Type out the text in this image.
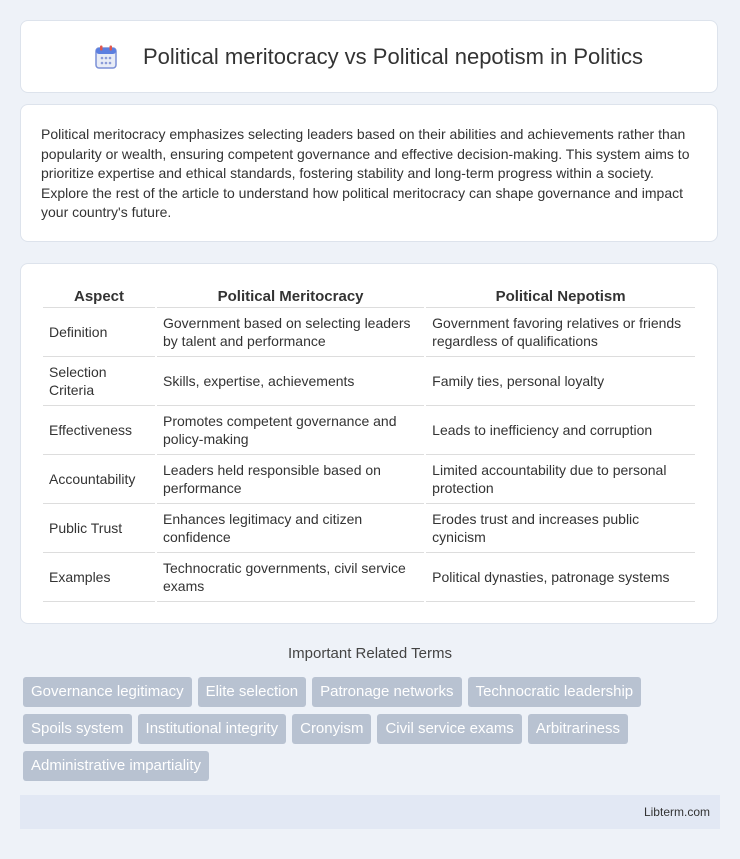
Political meritocracy vs Political nepotism in Politics

Political meritocracy emphasizes selecting leaders based on their abilities and achievements rather than popularity or wealth, ensuring competent governance and effective decision-making. This system aims to prioritize expertise and ethical standards, fostering stability and long-term progress within a society. Explore the rest of the article to understand how political meritocracy can shape governance and impact your country's future.

Aspect	Political Meritocracy	Political Nepotism
Definition	Government based on selecting leaders by talent and performance	Government favoring relatives or friends regardless of qualifications
Selection Criteria	Skills, expertise, achievements	Family ties, personal loyalty
Effectiveness	Promotes competent governance and policy-making	Leads to inefficiency and corruption
Accountability	Leaders held responsible based on performance	Limited accountability due to personal protection
Public Trust	Enhances legitimacy and citizen confidence	Erodes trust and increases public cynicism
Examples	Technocratic governments, civil service exams	Political dynasties, patronage systems
Important Related Terms
Governance legitimacy	Elite selection	Patronage networks	Technocratic leadership
Spoils system	Institutional integrity	Cronyism	Civil service exams	Arbitrariness
Administrative impartiality
Libterm.com
